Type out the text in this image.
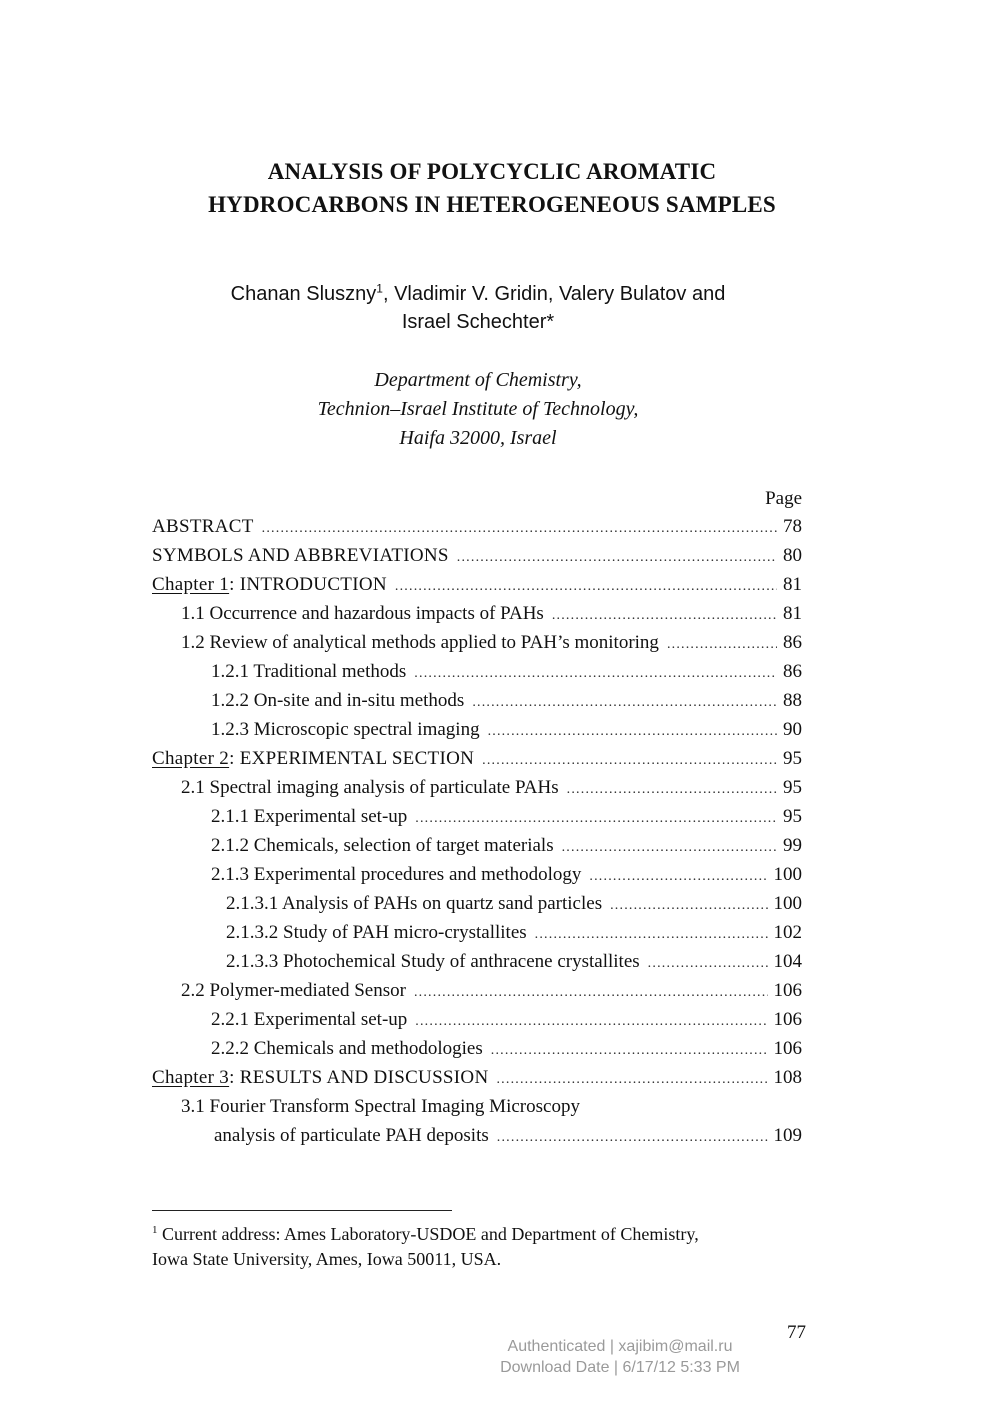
ANALYSIS OF POLYCYCLIC AROMATIC
HYDROCARBONS IN HETEROGENEOUS SAMPLES
Chanan Sluszny$^1$, Vladimir V. Gridin, Valery Bulatov and
Israel Schechter*
Department of Chemistry,
Technion–Israel Institute of Technology,
Haifa 32000, Israel
Page
ABSTRACT .....	78
SYMBOLS AND ABBREVIATIONS .....	80
Chapter 1: INTRODUCTION .....	81
1.1 Occurrence and hazardous impacts of PAHs .....	81
1.2 Review of analytical methods applied to PAH’s monitoring .....	86
1.2.1 Traditional methods .....	86
1.2.2 On-site and in-situ methods .....	88
1.2.3 Microscopic spectral imaging .....	90
Chapter 2: EXPERIMENTAL SECTION .....	95
2.1 Spectral imaging analysis of particulate PAHs .....	95
2.1.1 Experimental set-up .....	95
2.1.2 Chemicals, selection of target materials .....	99
2.1.3 Experimental procedures and methodology .....	100
2.1.3.1 Analysis of PAHs on quartz sand particles .....	100
2.1.3.2 Study of PAH micro-crystallites .....	102
2.1.3.3 Photochemical Study of anthracene crystallites .....	104
2.2 Polymer-mediated Sensor .....	106
2.2.1 Experimental set-up .....	106
2.2.2 Chemicals and methodologies .....	106
Chapter 3: RESULTS AND DISCUSSION .....	108
3.1 Fourier Transform Spectral Imaging Microscopy
analysis of particulate PAH deposits .....	109
$^1$ Current address: Ames Laboratory-USDOE and Department of Chemistry,
Iowa State University, Ames, Iowa 50011, USA.
77
Authenticated | xajibim@mail.ru
Download Date | 6/17/12 5:33 PM
